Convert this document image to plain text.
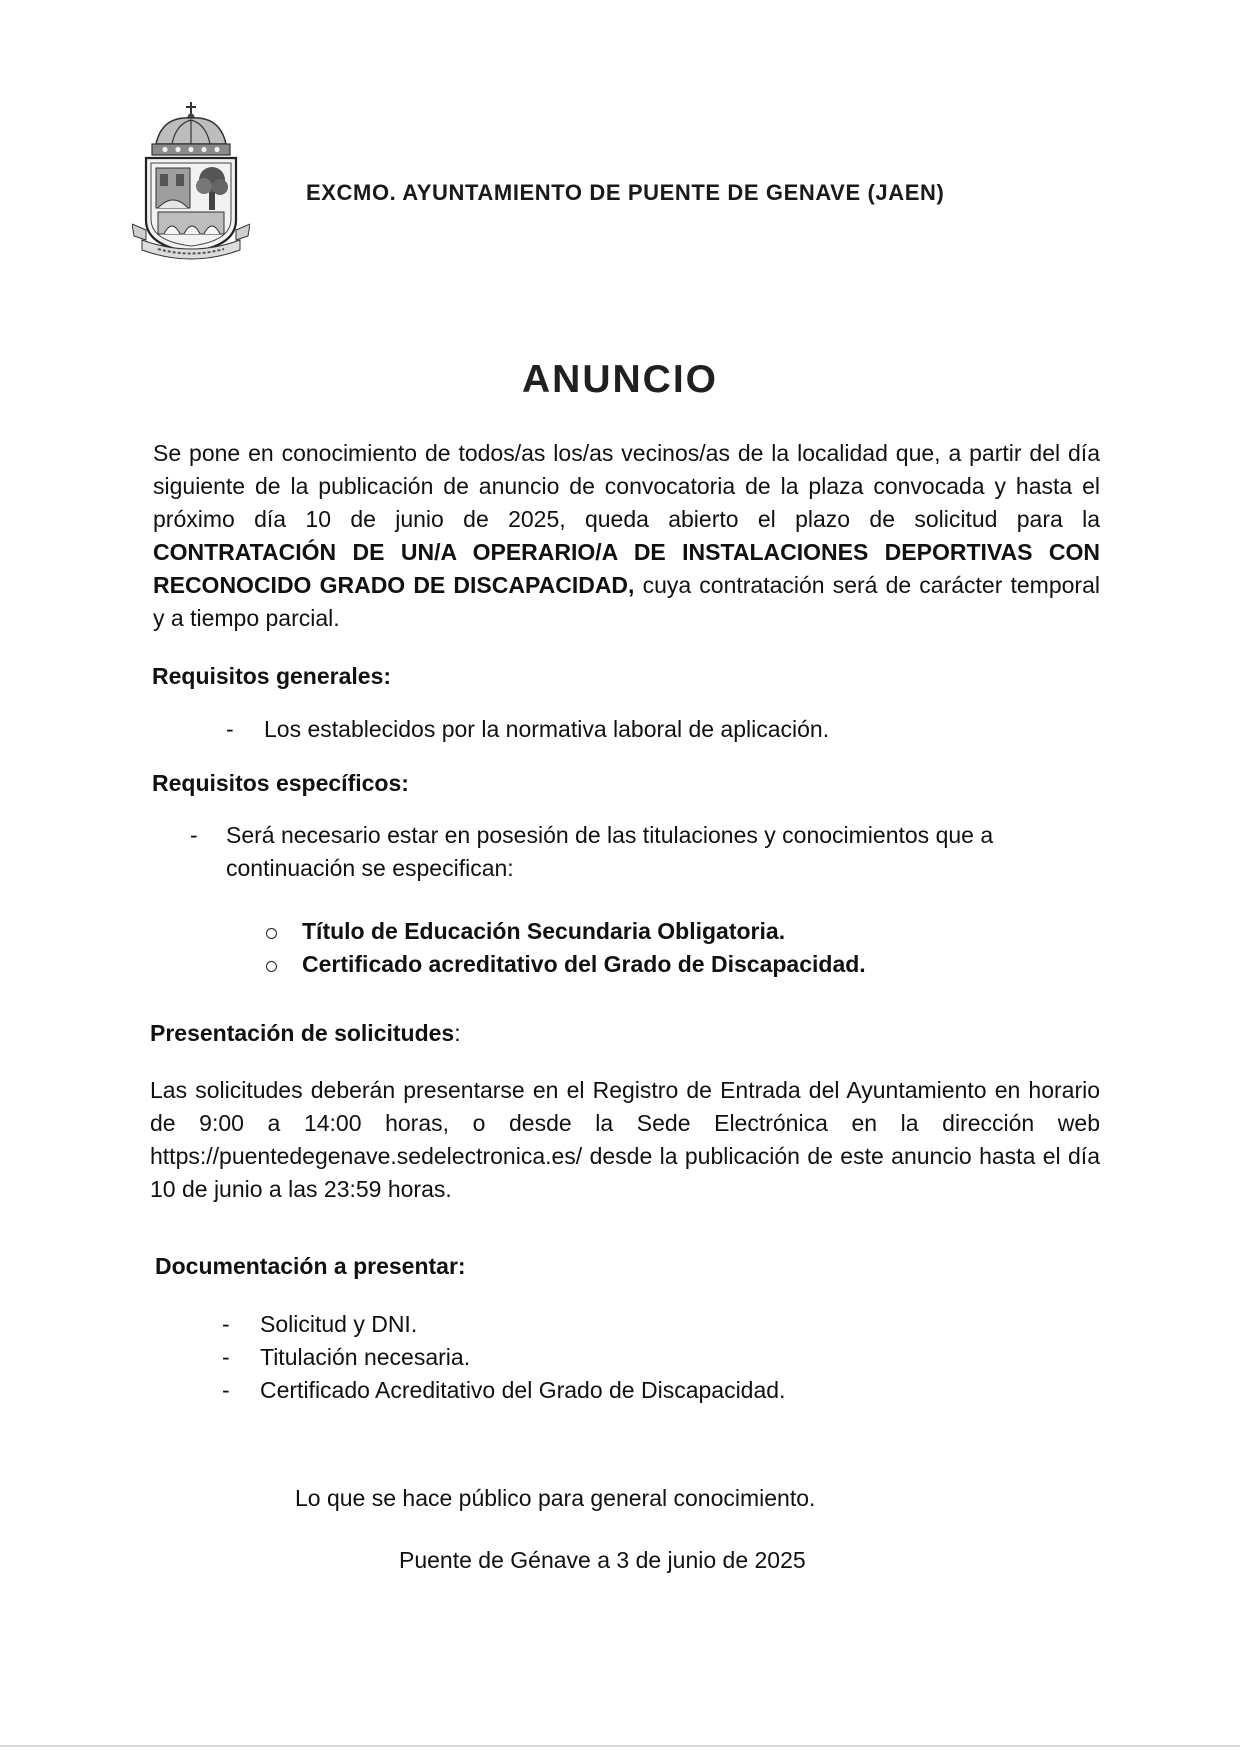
EXCMO. AYUNTAMIENTO DE PUENTE DE GENAVE (JAEN)
ANUNCIO
Se pone en conocimiento de todos/as los/as vecinos/as de la localidad que, a partir del día siguiente de la publicación de anuncio de convocatoria de la plaza convocada y hasta el próximo día 10 de junio de 2025, queda abierto el plazo de solicitud para la CONTRATACIÓN DE UN/A OPERARIO/A DE INSTALACIONES DEPORTIVAS CON RECONOCIDO GRADO DE DISCAPACIDAD, cuya contratación será de carácter temporal y a tiempo parcial.
Requisitos generales:
- Los establecidos por la normativa laboral de aplicación.
Requisitos específicos:
- Será necesario estar en posesión de las titulaciones y conocimientos que a
continuación se especifican:
Título de Educación Secundaria Obligatoria.
Certificado acreditativo del Grado de Discapacidad.
Presentación de solicitudes:
Las solicitudes deberán presentarse en el Registro de Entrada del Ayuntamiento en horario de 9:00 a 14:00 horas, o desde la Sede Electrónica en la dirección web https://puentedegenave.sedelectronica.es/ desde la publicación de este anuncio hasta el día 10 de junio a las 23:59 horas.
Documentación a presentar:
- Solicitud y DNI.
- Titulación necesaria.
- Certificado Acreditativo del Grado de Discapacidad.
Lo que se hace público para general conocimiento.
Puente de Génave a 3 de junio de 2025
